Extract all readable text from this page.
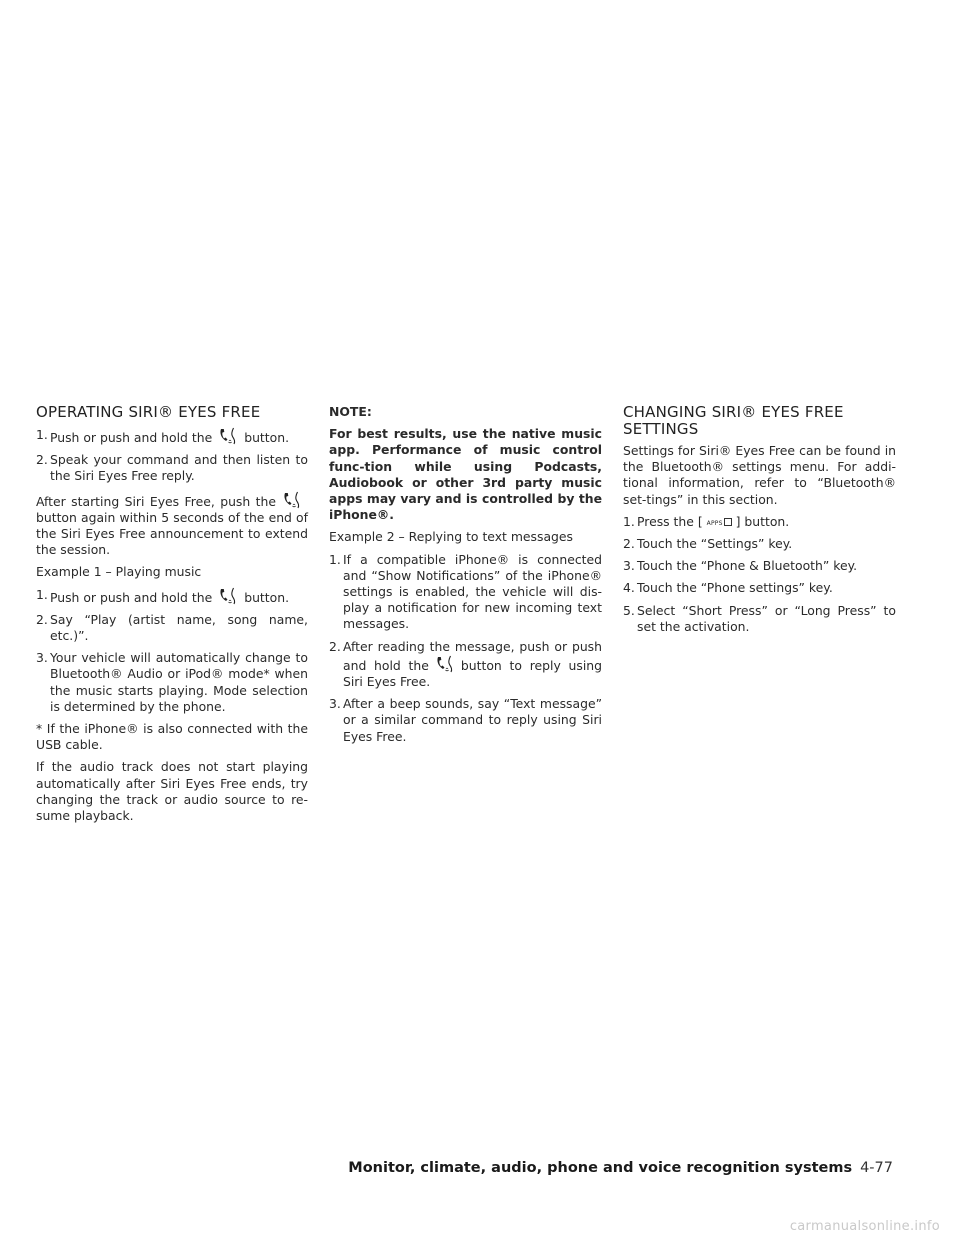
OPERATING SIRI® EYES FREE
1. Push or push and hold the	button.
2. Speak your command and then listen to the Siri Eyes Free reply.

After starting Siri Eyes Free, push the
button again within 5 seconds of the end of the Siri Eyes Free announcement to extend the session.

Example 1 – Playing music

1. Push or push and hold the	button.
2. Say “Play (artist name, song name, etc.)”.
3. Your vehicle will automatically change to Bluetooth® Audio or iPod® mode* when the music starts playing. Mode selection is determined by the phone.

* If the iPhone® is also connected with the USB cable.

If the audio track does not start playing automatically after Siri Eyes Free ends, try changing the track or audio source to re-sume playback.

NOTE:
For best results, use the native music app. Performance of music control func-tion while using Podcasts, Audiobook or other 3rd party music apps may vary and is controlled by the iPhone®.

Example 2 – Replying to text messages

1. If a compatible iPhone® is connected and “Show Notifications” of the iPhone® settings is enabled, the vehicle will dis-play a notification for new incoming text messages.
2. After reading the message, push or push and hold the	button to reply using Siri Eyes Free.
3. After a beep sounds, say “Text message” or a similar command to reply using Siri Eyes Free.
CHANGING SIRI® EYES FREE
SETTINGS

Settings for Siri® Eyes Free can be found in the Bluetooth® settings menu. For addi-tional information, refer to “Bluetooth® set-tings” in this section.

1. Press the [ APPS ] button.
2. Touch the “Settings” key.
3. Touch the “Phone & Bluetooth” key.
4. Touch the “Phone settings” key.
5. Select “Short Press” or “Long Press” to set the activation.
Monitor, climate, audio, phone and voice recognition systems 4-77
carmanualsonline.info
